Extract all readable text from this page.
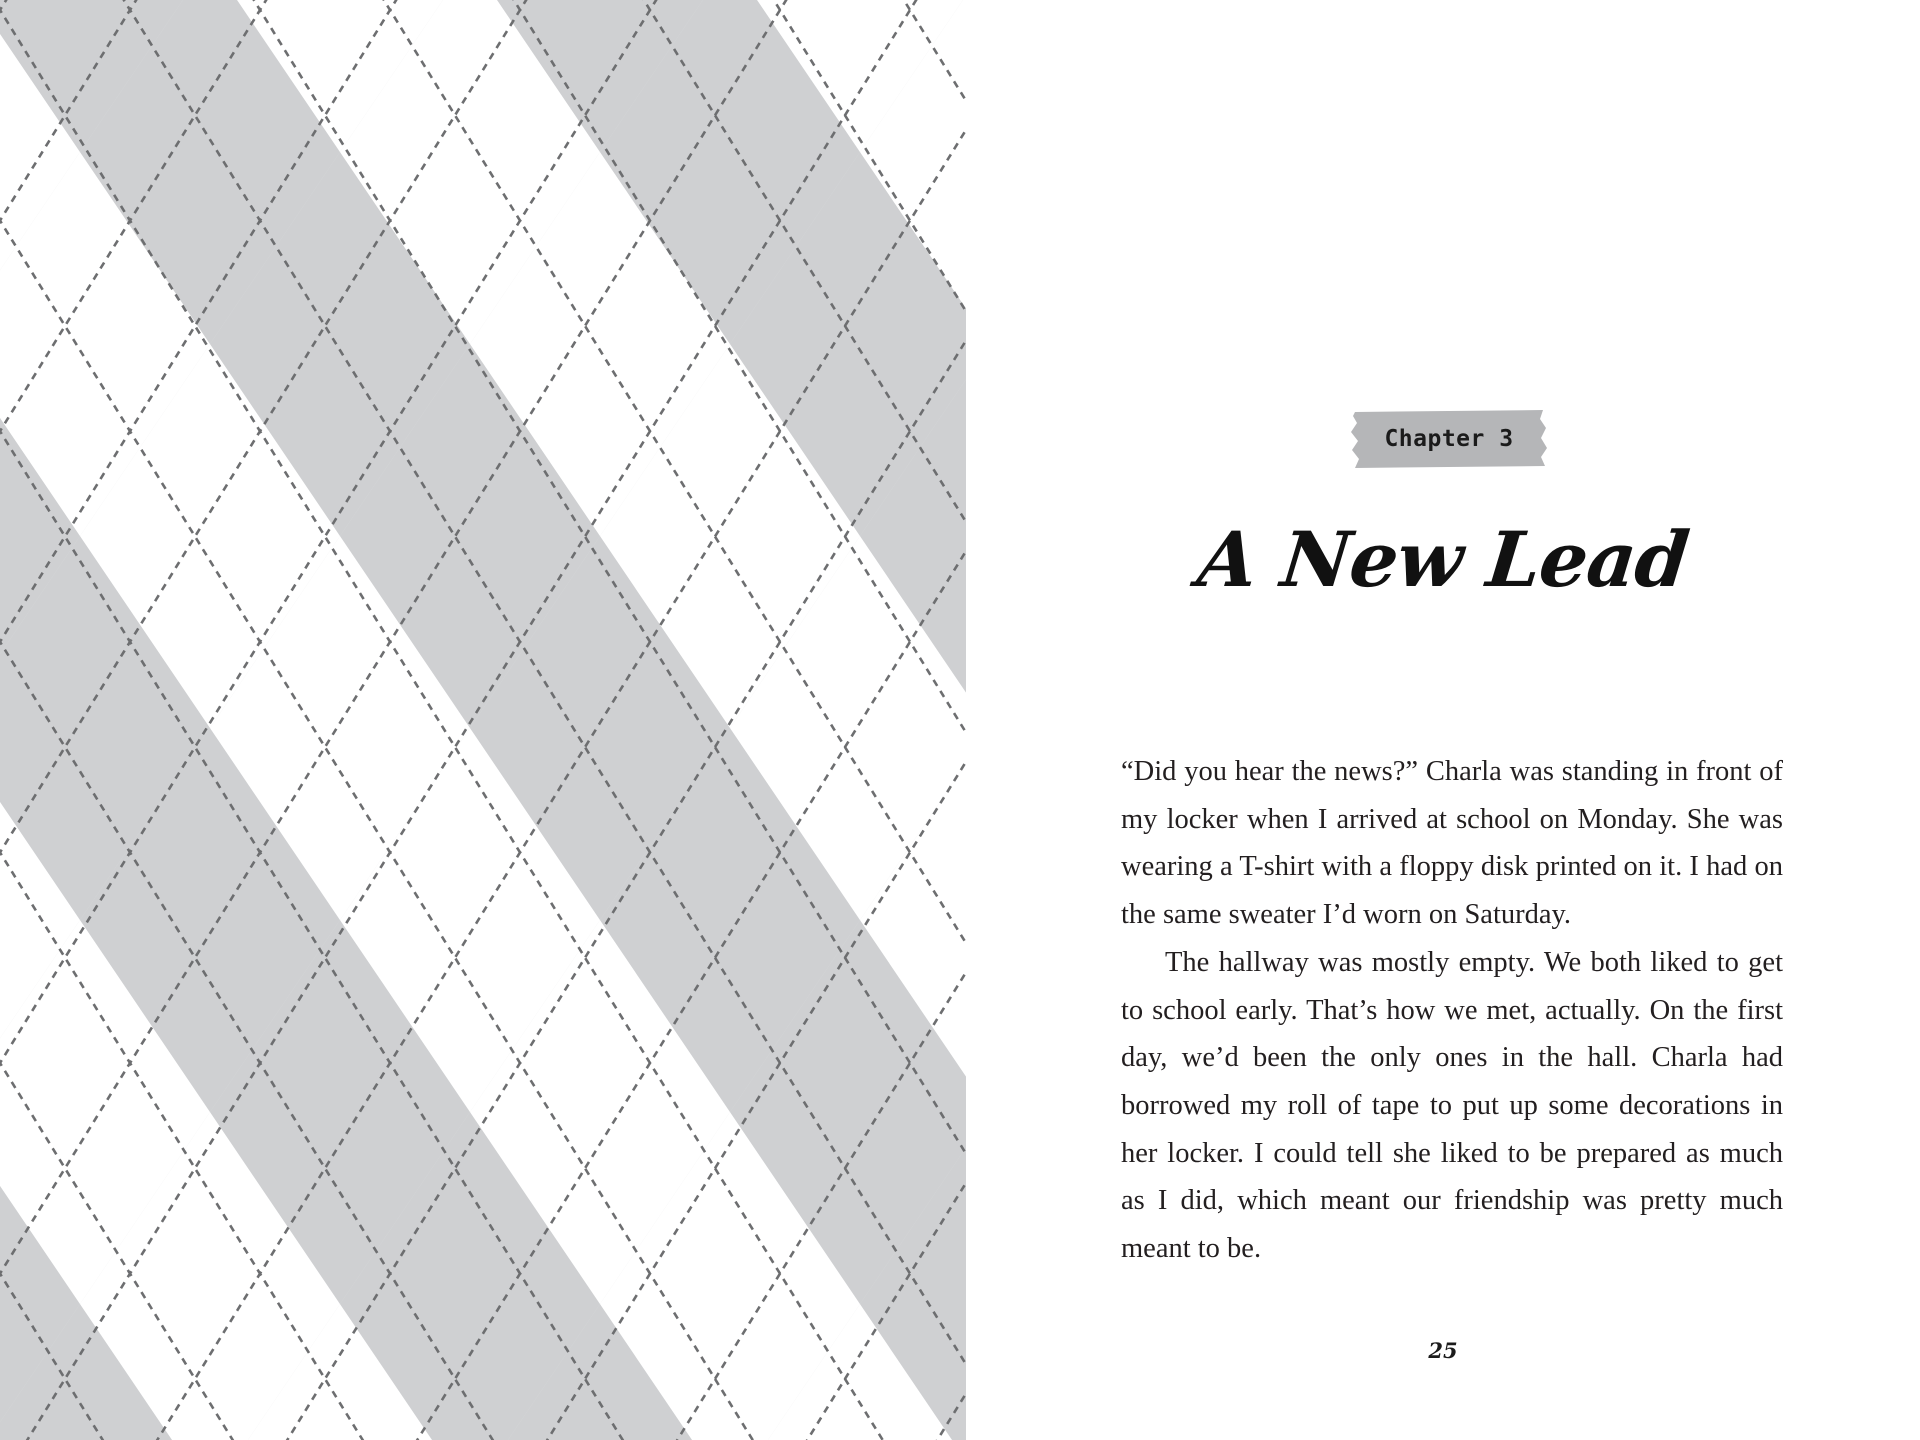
Chapter 3
A New Lead

“Did you hear the news?” Charla was standing in front of my locker when I arrived at school on Monday. She was wearing a T-shirt with a floppy disk printed on it. I had on the same sweater I’d worn on Saturday.

The hallway was mostly empty. We both liked to get to school early. That’s how we met, actually. On the first day, we’d been the only ones in the hall. Charla had borrowed my roll of tape to put up some decorations in her locker. I could tell she liked to be prepared as much as I did, which meant our friendship was pretty much meant to be.

25
